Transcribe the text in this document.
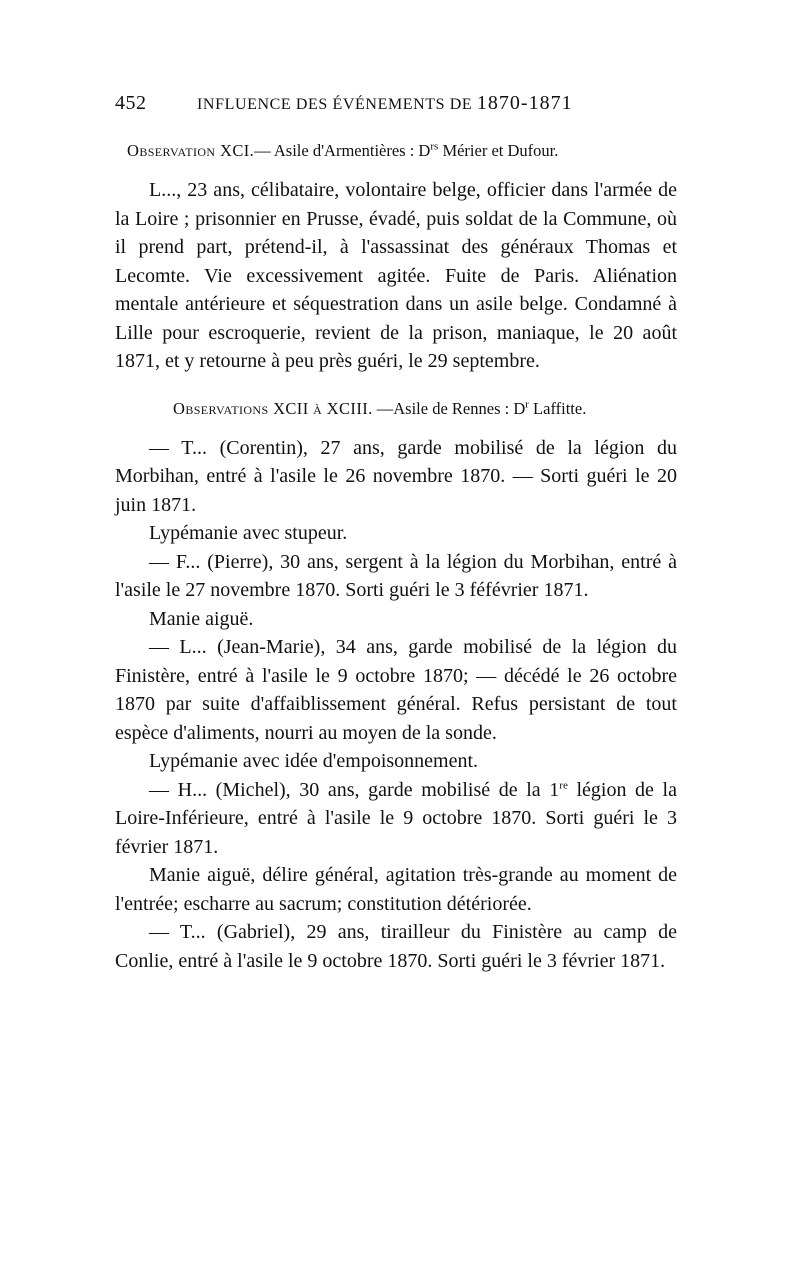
452	INFLUENCE DES ÉVÉNEMENTS DE 1870-1871
Observation XCI.— Asile d'Armentières : $D^{rs}$ Mérier et Dufour.

L..., 23 ans, célibataire, volontaire belge, officier dans l'armée de la Loire ; prisonnier en Prusse, évadé, puis soldat de la Commune, où il prend part, prétend-il, à l'assassinat des généraux Thomas et Lecomte. Vie excessivement agitée. Fuite de Paris. Aliénation mentale antérieure et séquestration dans un asile belge. Condamné à Lille pour escroquerie, revient de la prison, maniaque, le 20 août 1871, et y retourne à peu près guéri, le 29 septembre.

Observations XCII à XCIII. —Asile de Rennes : $D^r$ Laffitte.

— T... (Corentin), 27 ans, garde mobilisé de la légion du Morbihan, entré à l'asile le 26 novembre 1870. — Sorti guéri le 20 juin 1871.

Lypémanie avec stupeur.

— F... (Pierre), 30 ans, sergent à la légion du Morbihan, entré à l'asile le 27 novembre 1870. Sorti guéri le 3 féfévrier 1871.

Manie aiguë.

— L... (Jean-Marie), 34 ans, garde mobilisé de la légion du Finistère, entré à l'asile le 9 octobre 1870; — décédé le 26 octobre 1870 par suite d'affaiblissement général. Refus persistant de tout espèce d'aliments, nourri au moyen de la sonde.

Lypémanie avec idée d'empoisonnement.

— H... (Michel), 30 ans, garde mobilisé de la 1re légion de la Loire-Inférieure, entré à l'asile le 9 octobre 1870. Sorti guéri le 3 février 1871.

Manie aiguë, délire général, agitation très-grande au moment de l'entrée; escharre au sacrum; constitution détériorée.

— T... (Gabriel), 29 ans, tirailleur du Finistère au camp de Conlie, entré à l'asile le 9 octobre 1870. Sorti guéri le 3 février 1871.
